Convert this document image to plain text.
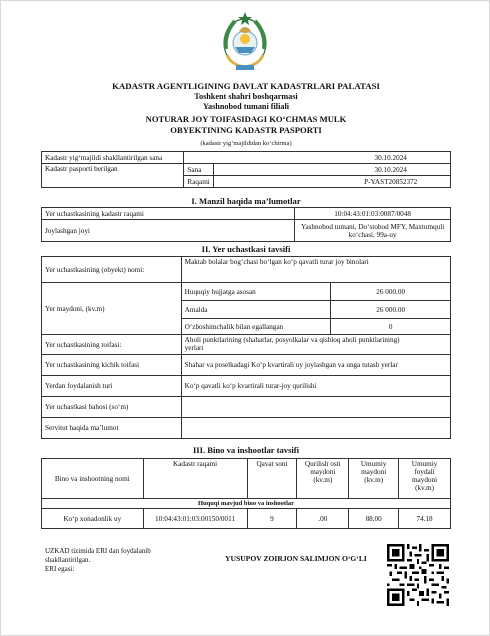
KADASTR AGENTLIGINING DAVLAT KADASTRLARI PALATASI
Toshkent shahri boshqarmasi
Yashnobod tumani filiali
NOTURAR JOY TOIFASIDAGI KO‘CHMAS MULK
OBYEKTINING KADASTR PASPORTI
(kadastr yig‘majildidan ko‘chirma)
Kadastr yig‘majildi shakllantirilgan sana	30.10.2024	
Kadastr pasporti berilgan	Sana	30.10.2024
	Raqami	P-YAST20852372
I. Manzil haqida ma’lumotlar
Yer uchastkasining kadastr raqami	10:04:43:01:03:0087/0048
Joylashgan joyi	Yashnobod tumani, Do‘stobod MFY, Maxtumquli
ko‘chasi, 99a-uy
II. Yer uchastkasi tavsifi
Yer uchastkasining (obyekt) nomi:	Maktab bolalar bog‘chasi bo‘lgan ko‘p qavatli turar joy binolari	
Yer maydoni, (kv.m)	Huquqiy hujjatga asosan	26 000.00
	Amalda	26 000.00
	O‘zboshimchalik bilan egallangan	0
Yer uchastkasining toifasi:	Aholi punktlarining (shaharlar, posyolkalar va qishloq aholi punktlarining)
yerlari	

Yer uchastkasining kichik toifasi	Shahar va poselkadagi Ko‘p kvartirali uy joylashgan va unga tutash yerlar	
Yerdan foydalanish turi	Ko‘p qavatli ko‘p kvartirali turar-joy qurilishi	
Yer uchastkasi bahosi (so‘m)		
Servitut haqida ma’lumot		
III. Bino va inshootlar tavsifi
Bino va inshootning nomi	Kadastr raqami	Qavat soni	Qurilish osti maydoni (kv.m)	Umumiy maydoni (kv.m)	Umumiy foydali maydoni (kv.m)
Huquqi mavjud bino va inshootlar					
Ko‘p xonadonlik uy	10:04:43:01:03:00150/0011	9	.00	88.00	74.18
UZKAD tizimida ERI dan foydalanib
shakllantirilgan.
ERI egasi:
YUSUPOV ZOIRJON SALIMJON O‘G‘LI
